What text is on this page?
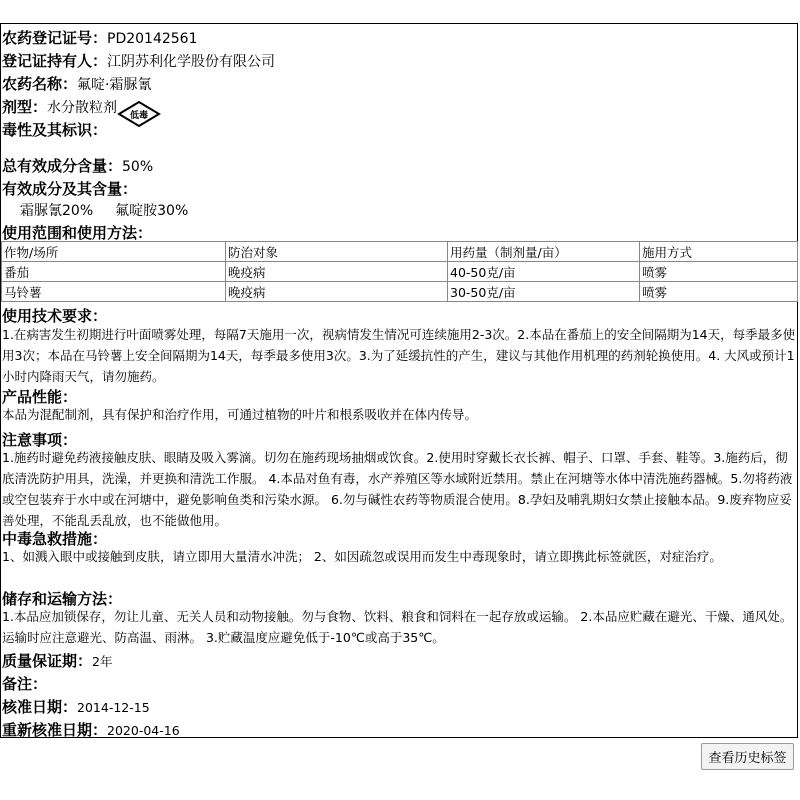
农药登记证号：PD20142561
登记证持有人：江阴苏利化学股份有限公司
农药名称：氟啶·霜脲氰
剂型：水分散粒剂
毒性及其标识：
低毒
总有效成分含量：50%
有效成分及其含量：
霜脲氰20% 氟啶胺30%
使用范围和使用方法：
作物/场所	防治对象	用药量（制剂量/亩）	施用方式
番茄	晚疫病	40-50克/亩	喷雾
马铃薯	晚疫病	30-50克/亩	喷雾
使用技术要求：
1.在病害发生初期进行叶面喷雾处理，每隔7天施用一次，视病情发生情况可连续施用2-3次。2.本品在番茄上的安全间隔期为14天，每季最多使用3次；本品在马铃薯上安全间隔期为14天，每季最多使用3次。3.为了延缓抗性的产生，建议与其他作用机理的药剂轮换使用。4. 大风或预计1小时内降雨天气，请勿施药。
产品性能：
本品为混配制剂，具有保护和治疗作用，可通过植物的叶片和根系吸收并在体内传导。
注意事项：
1.施药时避免药液接触皮肤、眼睛及吸入雾滴。切勿在施药现场抽烟或饮食。2.使用时穿戴长衣长裤、帽子、口罩、手套、鞋等。3.施药后，彻底清洗防护用具，洗澡，并更换和清洗工作服。 4.本品对鱼有毒，水产养殖区等水域附近禁用。禁止在河塘等水体中清洗施药器械。5.勿将药液或空包装弃于水中或在河塘中，避免影响鱼类和污染水源。 6.勿与碱性农药等物质混合使用。8.孕妇及哺乳期妇女禁止接触本品。9.废弃物应妥善处理，不能乱丢乱放，也不能做他用。
中毒急救措施：
1、如溅入眼中或接触到皮肤，请立即用大量清水冲洗； 2、如因疏忽或误用而发生中毒现象时，请立即携此标签就医，对症治疗。
储存和运输方法：
1.本品应加锁保存，勿让儿童、无关人员和动物接触。勿与食物、饮料、粮食和饲料在一起存放或运输。 2.本品应贮藏在避光、干燥、通风处。运输时应注意避光、防高温、雨淋。 3.贮藏温度应避免低于-10℃或高于35℃。
质量保证期：2年
备注：
核准日期：2014-12-15
重新核准日期：2020-04-16
查看历史标签
